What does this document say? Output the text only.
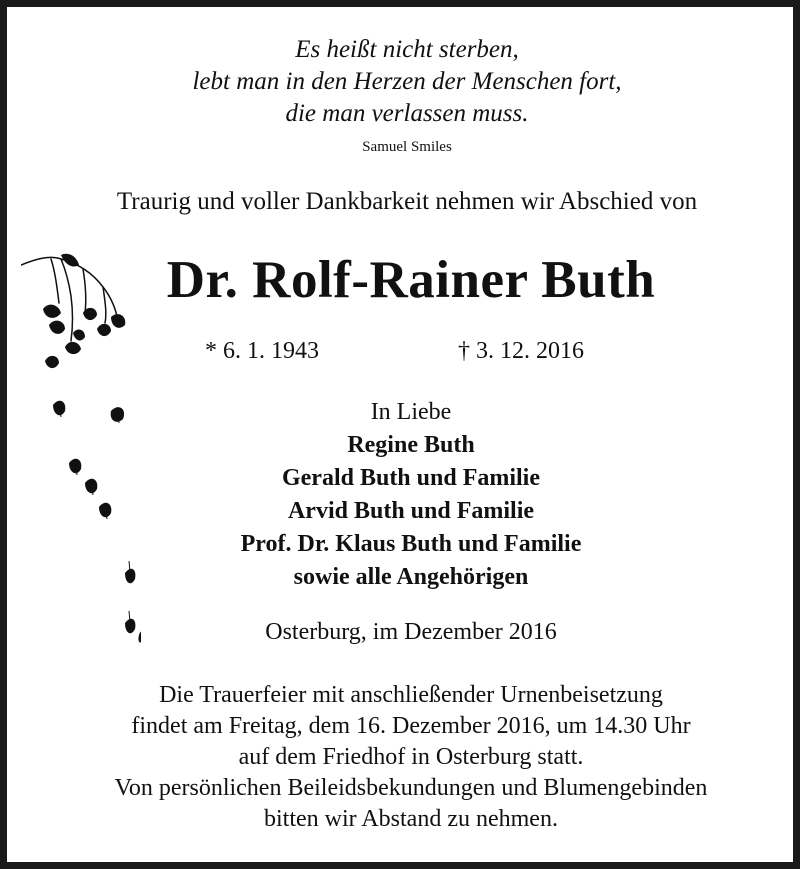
Es heißt nicht sterben,
lebt man in den Herzen der Menschen fort,
die man verlassen muss.
Samuel Smiles
Traurig und voller Dankbarkeit nehmen wir Abschied von
Dr. Rolf-Rainer Buth
* 6. 1. 1943	† 3. 12. 2016
In Liebe
Regine Buth
Gerald Buth und Familie
Arvid Buth und Familie
Prof. Dr. Klaus Buth und Familie
sowie alle Angehörigen
Osterburg, im Dezember 2016
Die Trauerfeier mit anschließender Urnenbeisetzung
findet am Freitag, dem 16. Dezember 2016, um 14.30 Uhr
auf dem Friedhof in Osterburg statt.
Von persönlichen Beileidsbekundungen und Blumengebinden
bitten wir Abstand zu nehmen.
